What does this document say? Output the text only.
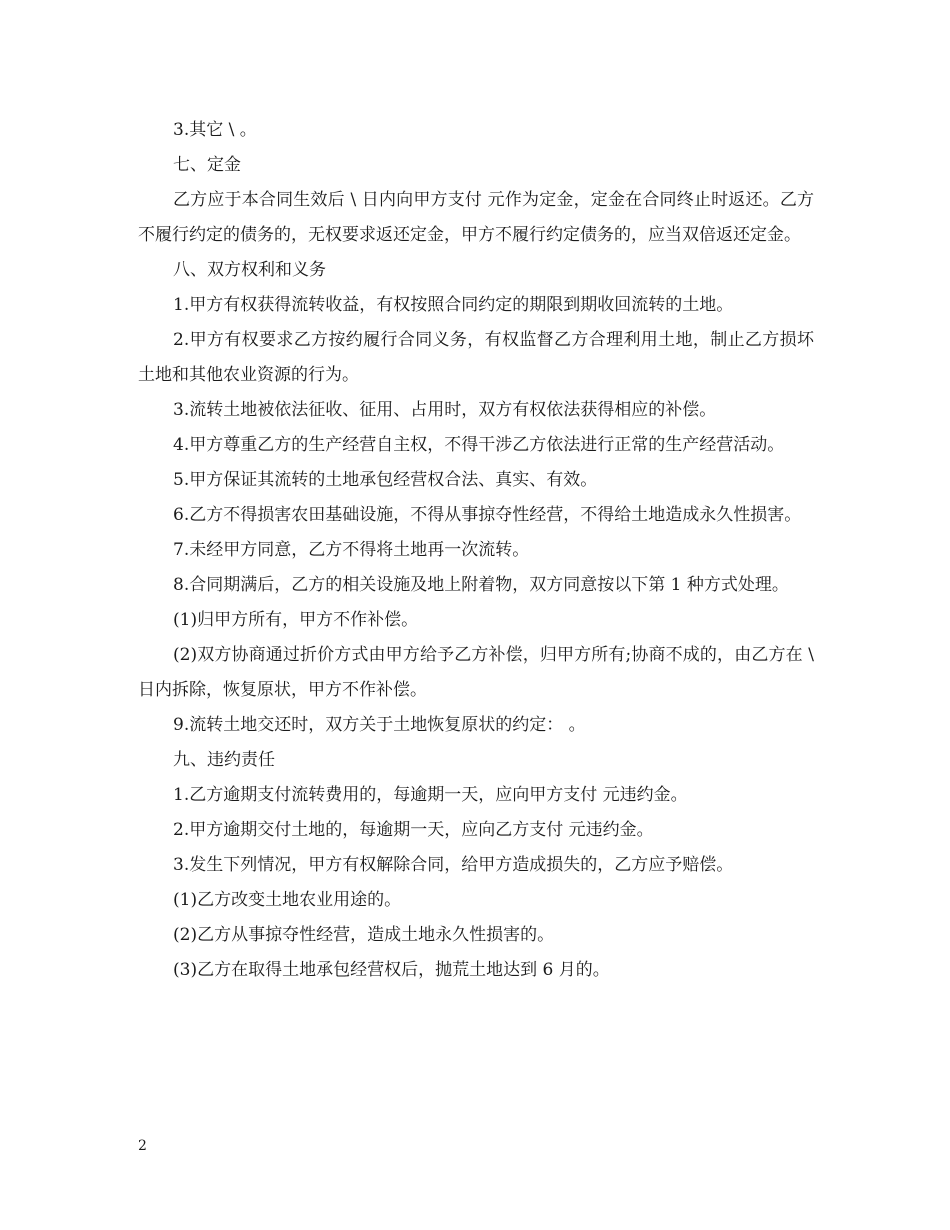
3.其它 \ 。

七、定金

乙方应于本合同生效后 \ 日内向甲方支付 元作为定金，定金在合同终止时返还。乙方不履行约定的债务的，无权要求返还定金，甲方不履行约定债务的，应当双倍返还定金。

八、双方权利和义务

1.甲方有权获得流转收益，有权按照合同约定的期限到期收回流转的土地。

2.甲方有权要求乙方按约履行合同义务，有权监督乙方合理利用土地，制止乙方损坏土地和其他农业资源的行为。

3.流转土地被依法征收、征用、占用时，双方有权依法获得相应的补偿。

4.甲方尊重乙方的生产经营自主权，不得干涉乙方依法进行正常的生产经营活动。

5.甲方保证其流转的土地承包经营权合法、真实、有效。

6.乙方不得损害农田基础设施，不得从事掠夺性经营，不得给土地造成永久性损害。

7.未经甲方同意，乙方不得将土地再一次流转。

8.合同期满后，乙方的相关设施及地上附着物，双方同意按以下第 1 种方式处理。

(1)归甲方所有，甲方不作补偿。

(2)双方协商通过折价方式由甲方给予乙方补偿，归甲方所有;协商不成的，由乙方在 \ 日内拆除，恢复原状，甲方不作补偿。

9.流转土地交还时，双方关于土地恢复原状的约定： 。

九、违约责任

1.乙方逾期支付流转费用的，每逾期一天，应向甲方支付 元违约金。

2.甲方逾期交付土地的，每逾期一天，应向乙方支付 元违约金。

3.发生下列情况，甲方有权解除合同，给甲方造成损失的，乙方应予赔偿。

(1)乙方改变土地农业用途的。

(2)乙方从事掠夺性经营，造成土地永久性损害的。

(3)乙方在取得土地承包经营权后，抛荒土地达到 6 月的。

2
